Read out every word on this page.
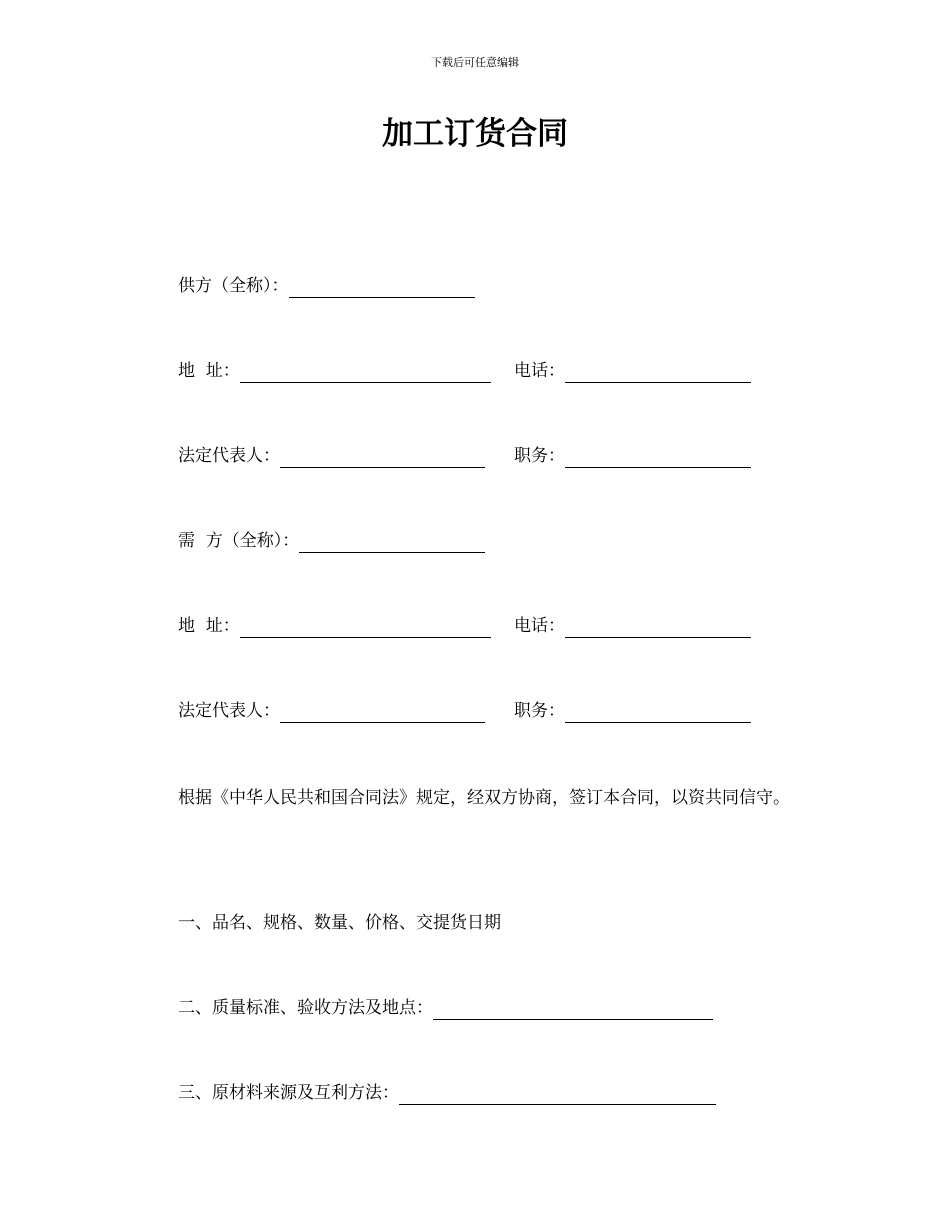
下载后可任意编辑
加工订货合同
供方（全称）：
地  址：	电话：
法定代表人：	职务：
需  方（全称）：
地  址：	电话：
法定代表人：	职务：

根据《中华人民共和国合同法》规定，经双方协商，签订本合同，以资共同信守。

一、品名、规格、数量、价格、交提货日期
二、质量标准、验收方法及地点：
三、原材料来源及互利方法：
